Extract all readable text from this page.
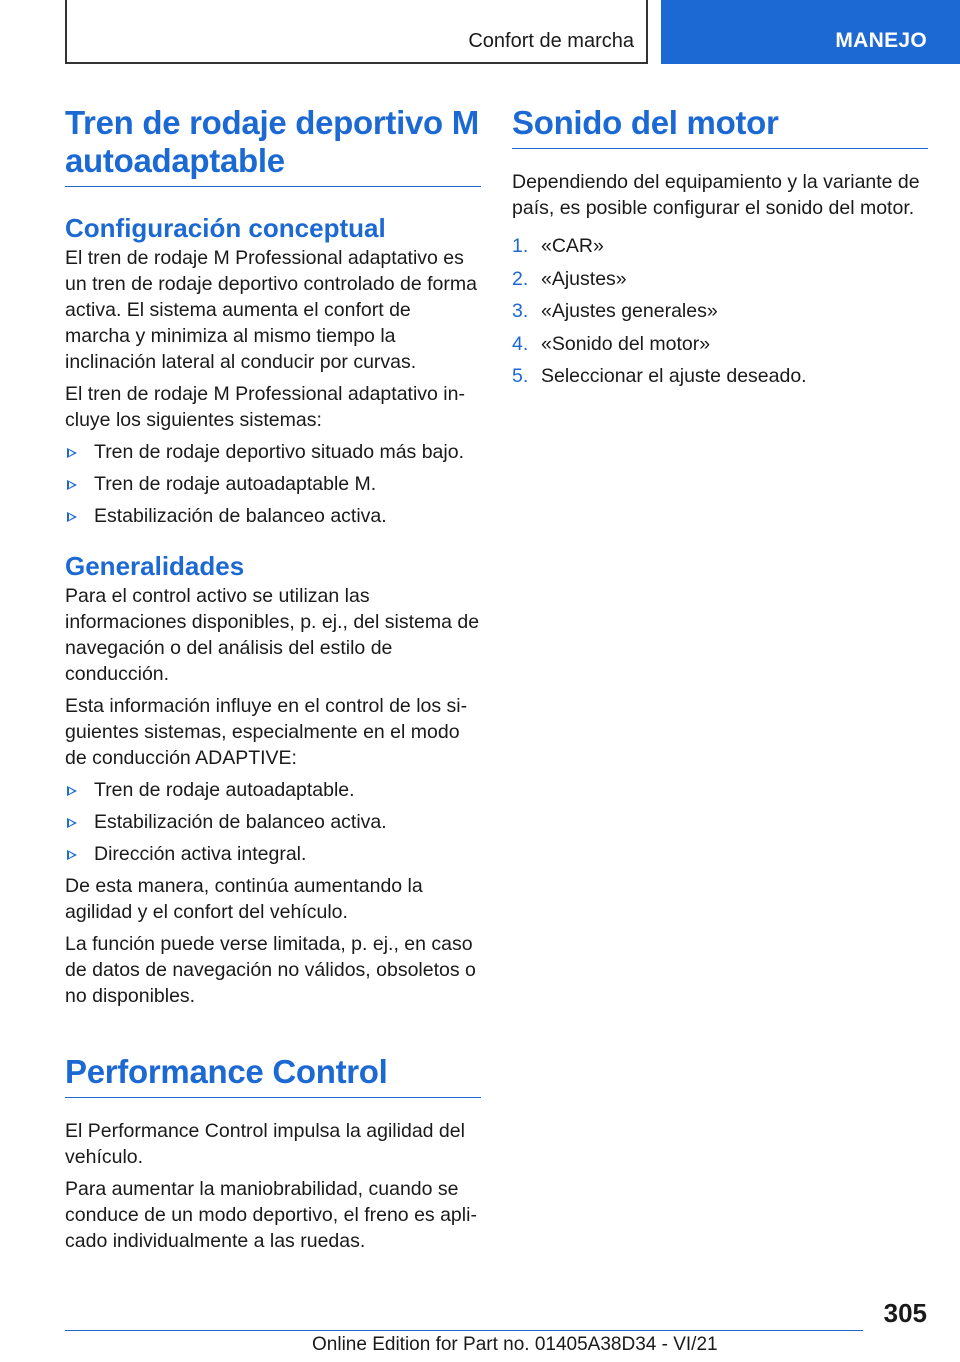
Confort de marcha	MANEJO
Tren de rodaje deportivo M autoadaptable
Configuración conceptual

El tren de rodaje M Professional adaptativo es un tren de rodaje deportivo controlado de forma activa. El sistema aumenta el confort de marcha y minimiza al mismo tiempo la inclinación lateral al conducir por curvas.

El tren de rodaje M Professional adaptativo incluye los siguientes sistemas:

Tren de rodaje deportivo situado más bajo.
Tren de rodaje autoadaptable M.
Estabilización de balanceo activa.
Generalidades

Para el control activo se utilizan las informaciones disponibles, p. ej., del sistema de navegación o del análisis del estilo de conducción.

Esta información influye en el control de los siguientes sistemas, especialmente en el modo de conducción ADAPTIVE:

Tren de rodaje autoadaptable.
Estabilización de balanceo activa.
Dirección activa integral.

De esta manera, continúa aumentando la agilidad y el confort del vehículo.

La función puede verse limitada, p. ej., en caso de datos de navegación no válidos, obsoletos o no disponibles.

Performance Control

El Performance Control impulsa la agilidad del vehículo.

Para aumentar la maniobrabilidad, cuando se conduce de un modo deportivo, el freno es aplicado individualmente a las ruedas.

Sonido del motor

Dependiendo del equipamiento y la variante de país, es posible configurar el sonido del motor.

1. «CAR»
2. «Ajustes»
3. «Ajustes generales»
4. «Sonido del motor»
5. Seleccionar el ajuste deseado.
305
Online Edition for Part no. 01405A38D34 - VI/21
